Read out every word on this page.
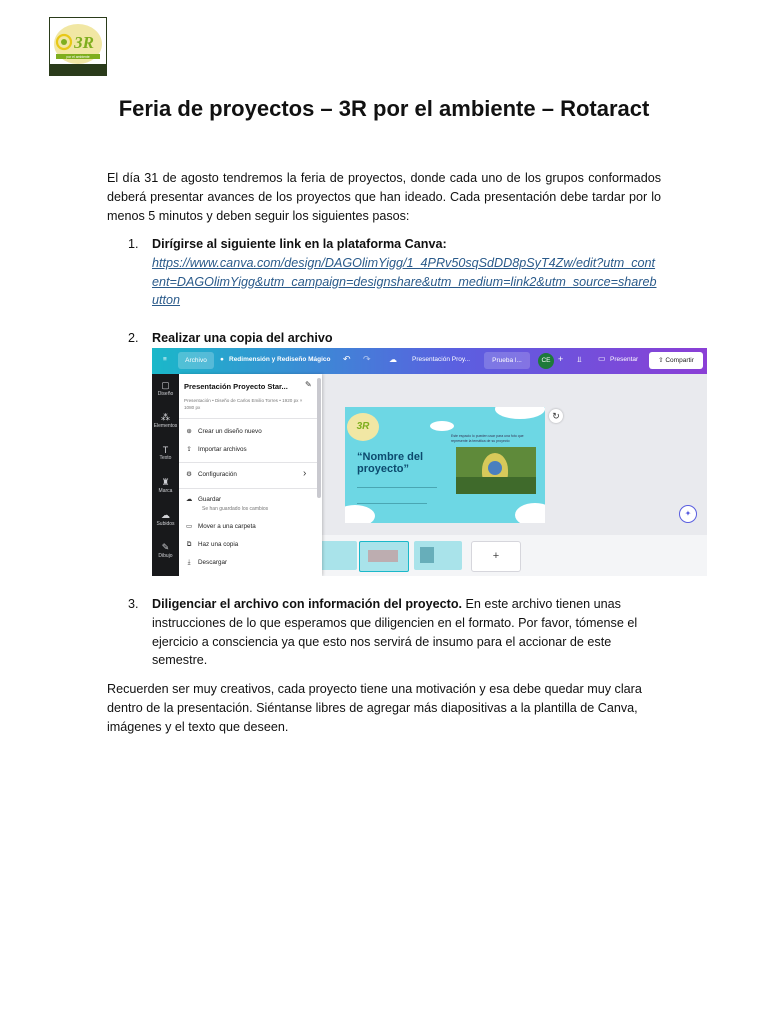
3R
por el ambiente
Feria de proyectos – 3R por el ambiente – Rotaract
El día 31 de agosto tendremos la feria de proyectos, donde cada uno de los grupos conformados deberá presentar avances de los proyectos que han ideado. Cada presentación debe tardar por lo menos 5 minutos y deben seguir los siguientes pasos:
1. Dirígirse al siguiente link en la plataforma Canva:
https://www.canva.com/design/DAGOlimYigg/1_4PRv50sqSdDD8pSyT4Zw/edit?utm_content=DAGOlimYigg&utm_campaign=designshare&utm_medium=link2&utm_source=sharebutton
2. Realizar una copia del archivo
≡	Archivo	● Redimensión y Rediseño Mágico ↶ ↷ ☁ Presentación Proy...	Prueba l...	CE + ⫫ ▭ Presentar	⇧ Compartir
▢
Diseño
⁂
Elementos
T
Texto
♜
Marca
☁
Subidos
✎
Dibujo
3R
“Nombre del proyecto”
Este espacio lo pueden usar para una foto que represente la temática de su proyecto
↻
✦
+
Presentación Proyecto Star... ✎
Presentación • Diseño de Carlos Emilio Torres • 1920 px × 1080 px
⊕ Crear un diseño nuevo
⇪ Importar archivos
⚙ Configuración	›
☁ Guardar
Se han guardado los cambios
▭ Mover a una carpeta
⧉ Haz una copia
⤓ Descargar
3. Diligenciar el archivo con información del proyecto. En este archivo tienen unas instrucciones de lo que esperamos que diligencien en el formato. Por favor, tómense el ejercicio a consciencia ya que esto nos servirá de insumo para el accionar de este semestre.
Recuerden ser muy creativos, cada proyecto tiene una motivación y esa debe quedar muy clara dentro de la presentación. Siéntanse libres de agregar más diapositivas a la plantilla de Canva, imágenes y el texto que deseen.
